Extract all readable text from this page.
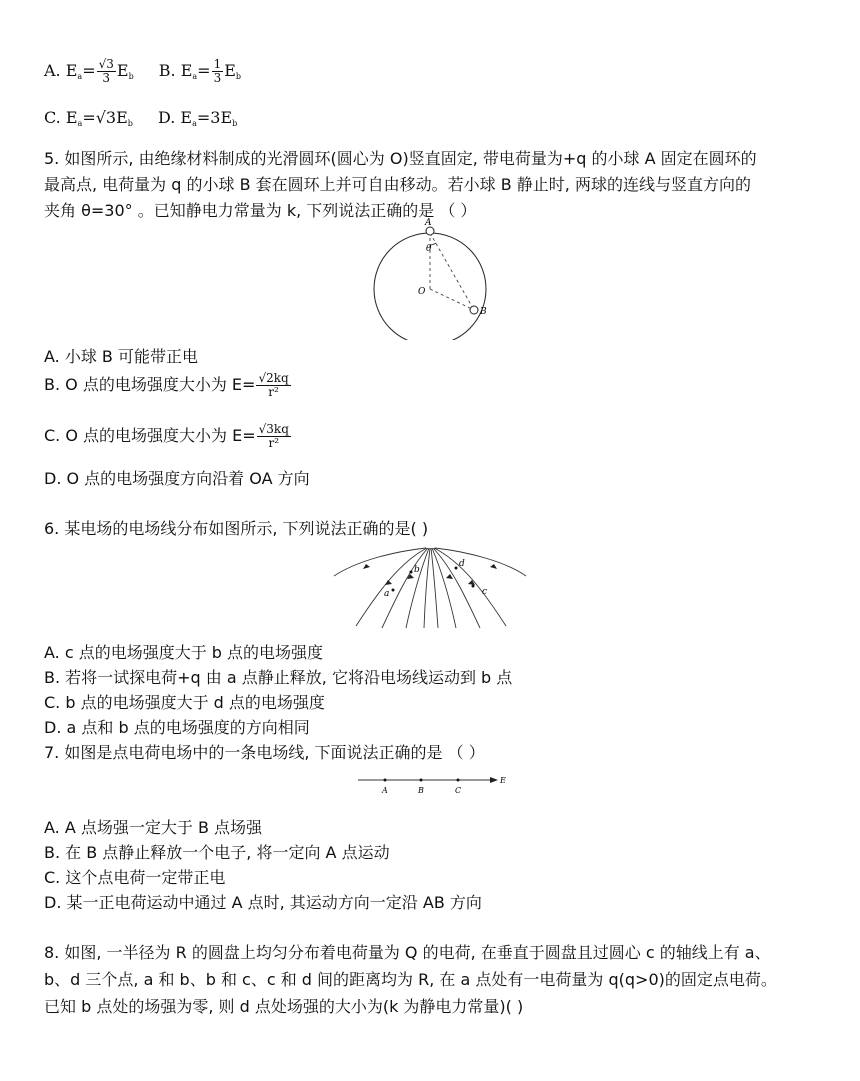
A. $E_a= \frac{√3}{3} E_b$ B. $E_a= \frac{1}{3} E_b$
C. $E_a=√3E_b$ D. $E_a=3E_b$
5. 如图所示, 由绝缘材料制成的光滑圆环(圆心为 O)竖直固定, 带电荷量为+q 的小球 A 固定在圆环的
最高点, 电荷量为 q 的小球 B 套在圆环上并可自由移动。若小球 B 静止时, 两球的连线与竖直方向的
夹角 θ=30° 。已知静电力常量为 k, 下列说法正确的是 （ ）
A
θ
O
B
A. 小球 B 可能带正电
B. O 点的电场强度大小为 $E= \frac{√2kq}{\text{r²}}$
C. O 点的电场强度大小为 $E= \frac{√3kq}{\text{r²}}$
D. O 点的电场强度方向沿着 OA 方向
6. 某电场的电场线分布如图所示, 下列说法正确的是( )
a
b
c
d
A. c 点的电场强度大于 b 点的电场强度
B. 若将一试探电荷+q 由 a 点静止释放, 它将沿电场线运动到 b 点
C. b 点的电场强度大于 d 点的电场强度
D. a 点和 b 点的电场强度的方向相同
7. 如图是点电荷电场中的一条电场线, 下面说法正确的是 （ ）
A	B	C
E
A. A 点场强一定大于 B 点场强
B. 在 B 点静止释放一个电子, 将一定向 A 点运动
C. 这个点电荷一定带正电
D. 某一正电荷运动中通过 A 点时, 其运动方向一定沿 AB 方向
8. 如图, 一半径为 R 的圆盘上均匀分布着电荷量为 Q 的电荷, 在垂直于圆盘且过圆心 c 的轴线上有 a、
b、d 三个点, a 和 b、b 和 c、c 和 d 间的距离均为 R, 在 a 点处有一电荷量为 q(q>0)的固定点电荷。
已知 b 点处的场强为零, 则 d 点处场强的大小为(k 为静电力常量)( )
